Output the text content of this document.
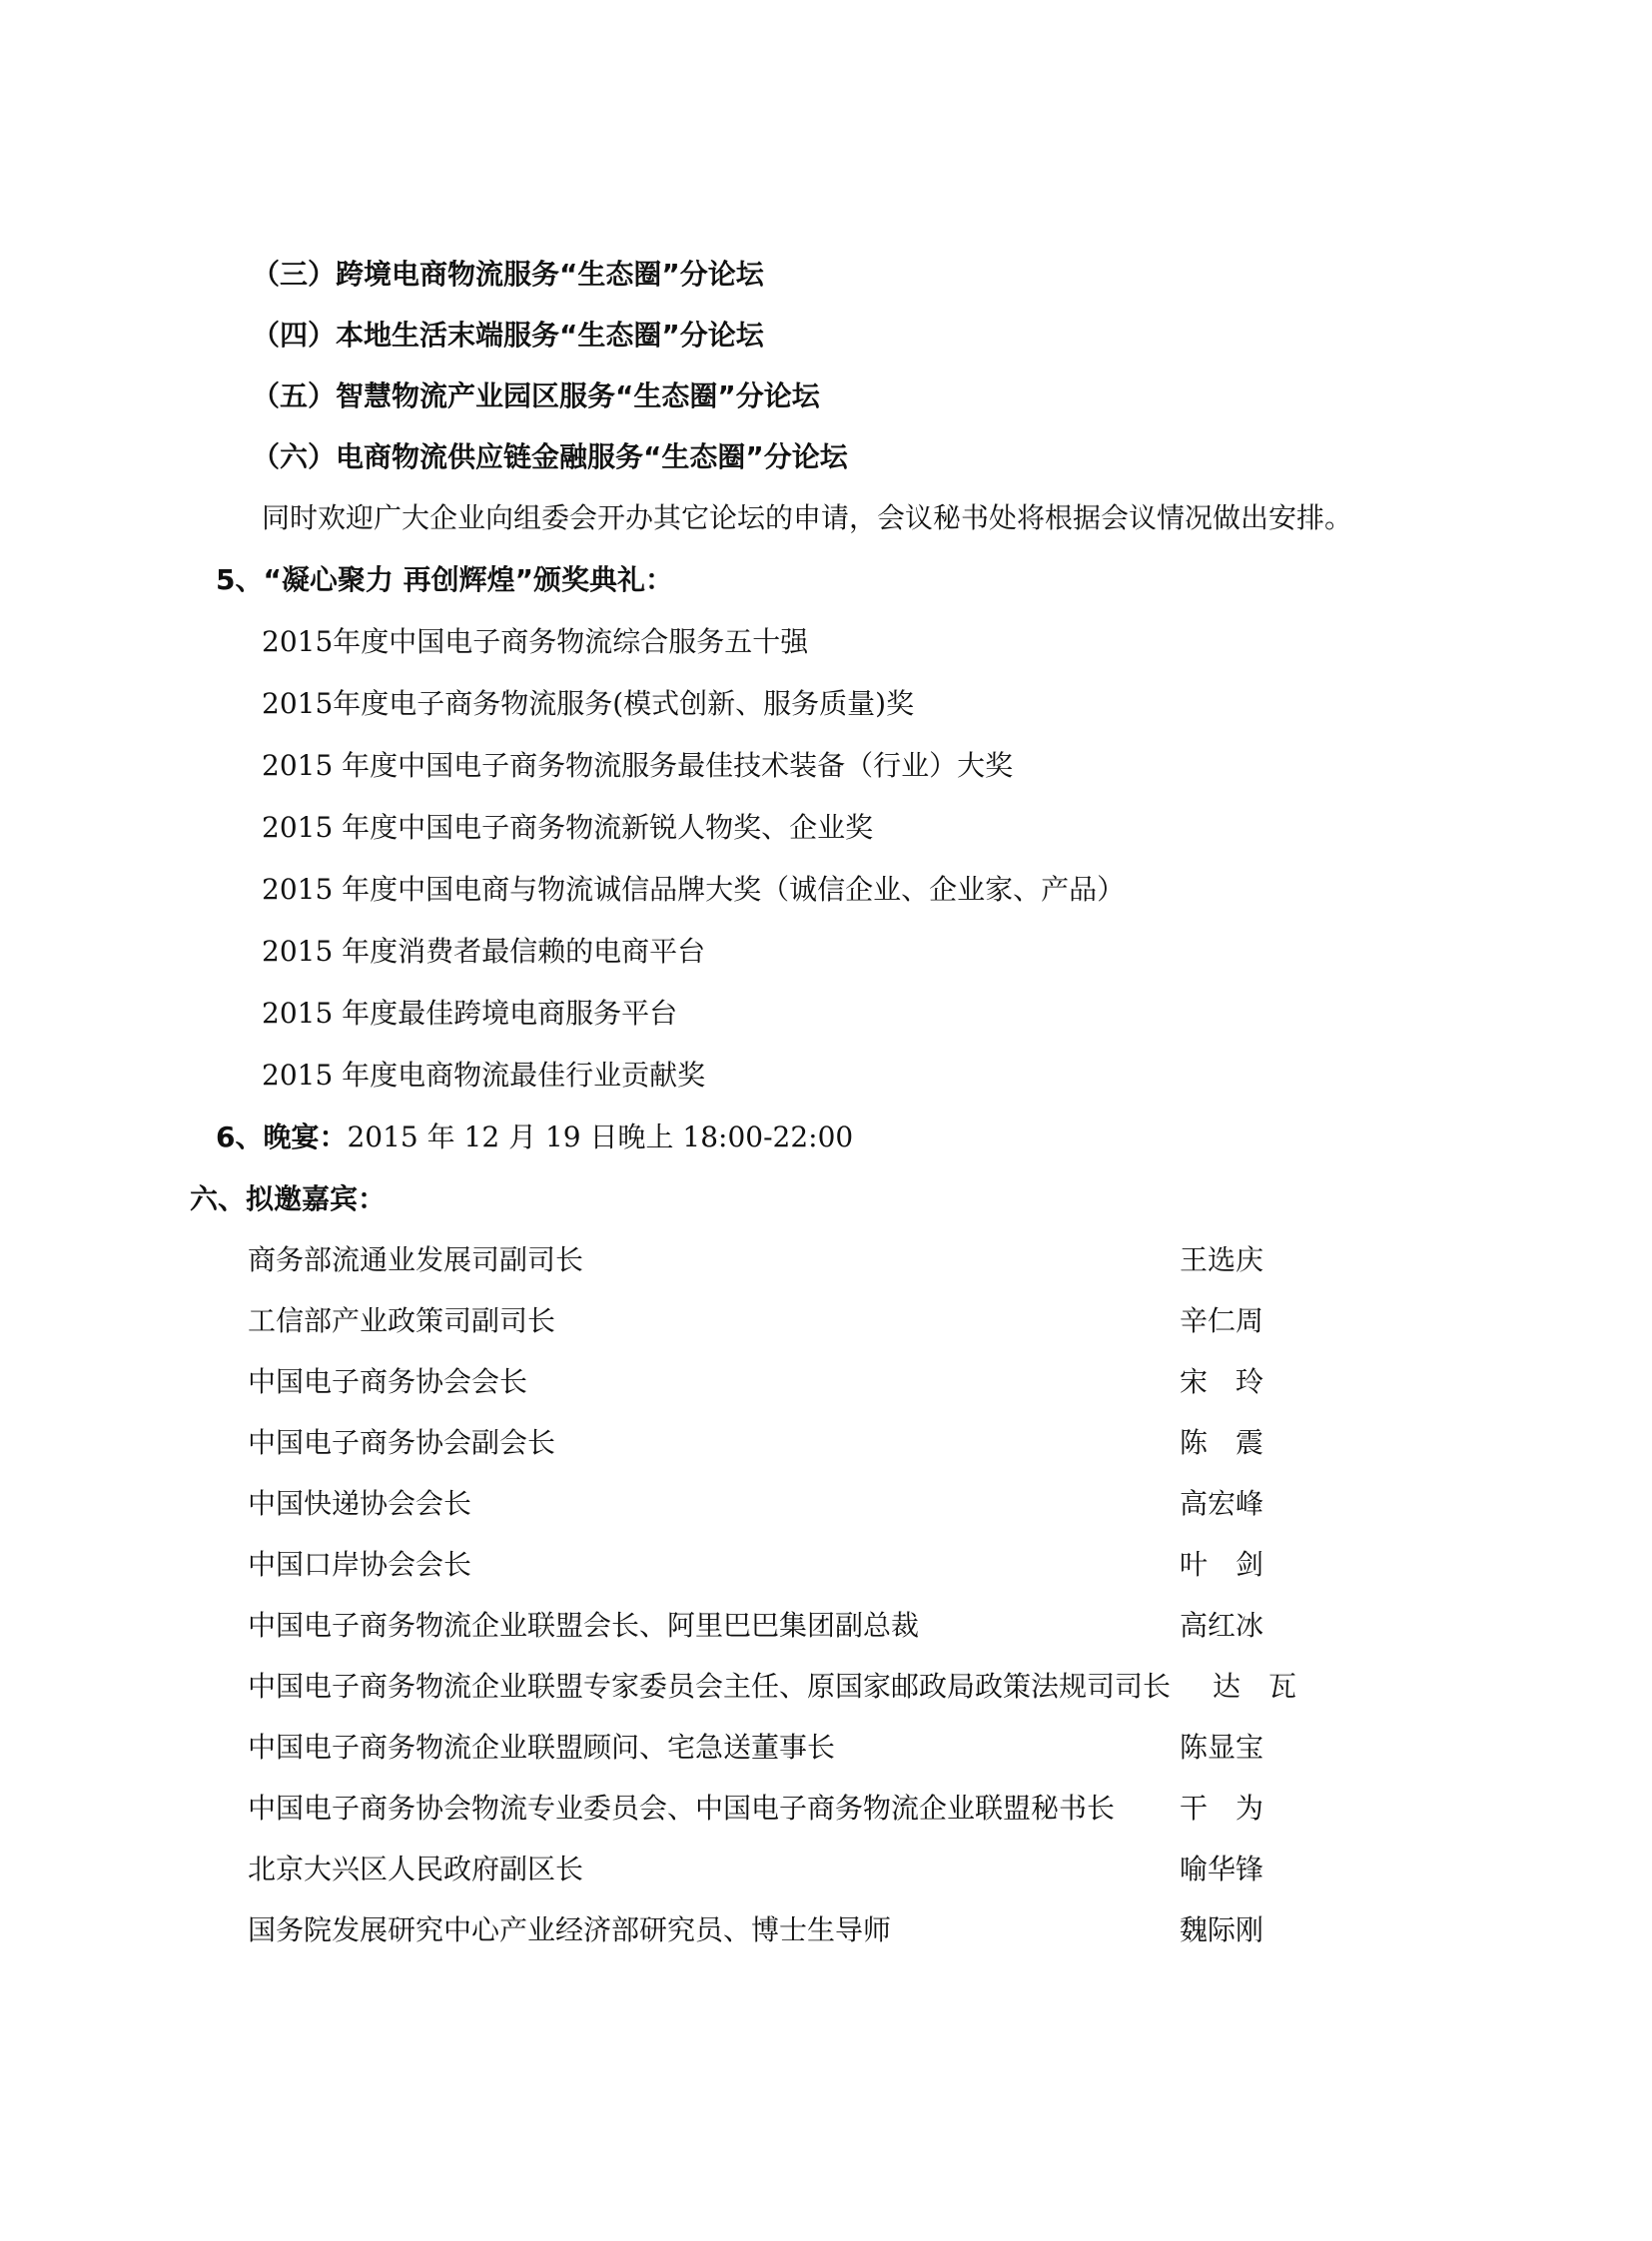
（三）跨境电商物流服务“生态圈”分论坛
（四）本地生活末端服务“生态圈”分论坛
（五）智慧物流产业园区服务“生态圈”分论坛
（六）电商物流供应链金融服务“生态圈”分论坛
同时欢迎广大企业向组委会开办其它论坛的申请，会议秘书处将根据会议情况做出安排。
5、“凝心聚力 再创辉煌”颁奖典礼：
2015年度中国电子商务物流综合服务五十强
2015年度电子商务物流服务(模式创新、服务质量)奖
2015 年度中国电子商务物流服务最佳技术装备（行业）大奖
2015 年度中国电子商务物流新锐人物奖、企业奖
2015 年度中国电商与物流诚信品牌大奖（诚信企业、企业家、产品）
2015 年度消费者最信赖的电商平台
2015 年度最佳跨境电商服务平台
2015 年度电商物流最佳行业贡献奖
6、晚宴：2015 年 12 月 19 日晚上 18:00-22:00
六、拟邀嘉宾：
商务部流通业发展司副司长	王选庆
工信部产业政策司副司长	辛仁周
中国电子商务协会会长	宋　玲
中国电子商务协会副会长	陈　震
中国快递协会会长	高宏峰
中国口岸协会会长	叶　剑
中国电子商务物流企业联盟会长、阿里巴巴集团副总裁	高红冰
中国电子商务物流企业联盟专家委员会主任、原国家邮政局政策法规司司长 达　瓦
中国电子商务物流企业联盟顾问、宅急送董事长	陈显宝
中国电子商务协会物流专业委员会、中国电子商务物流企业联盟秘书长 干　为
北京大兴区人民政府副区长	喻华锋
国务院发展研究中心产业经济部研究员、博士生导师	魏际刚
